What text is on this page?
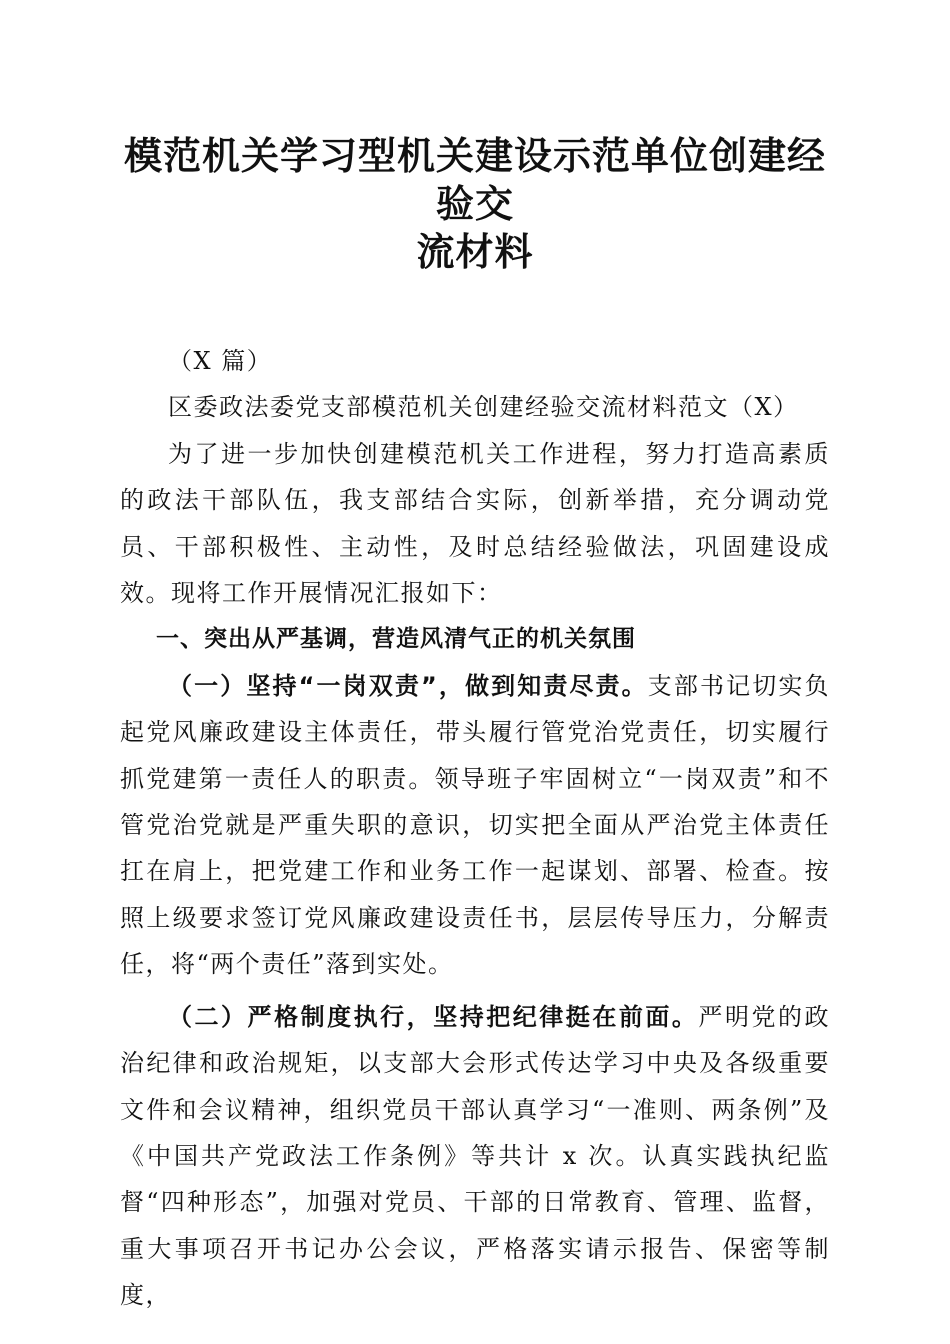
模范机关学习型机关建设示范单位创建经验交
流材料

（X 篇）

区委政法委党支部模范机关创建经验交流材料范文（X）

为了进一步加快创建模范机关工作进程，努力打造高素质的政法干部队伍，我支部结合实际，创新举措，充分调动党员、干部积极性、主动性，及时总结经验做法，巩固建设成效。现将工作开展情况汇报如下：

一、突出从严基调，营造风清气正的机关氛围

（一）坚持“一岗双责”，做到知责尽责。支部书记切实负起党风廉政建设主体责任，带头履行管党治党责任，切实履行抓党建第一责任人的职责。领导班子牢固树立“一岗双责”和不管党治党就是严重失职的意识，切实把全面从严治党主体责任扛在肩上，把党建工作和业务工作一起谋划、部署、检查。按照上级要求签订党风廉政建设责任书，层层传导压力，分解责任，将“两个责任”落到实处。

（二）严格制度执行，坚持把纪律挺在前面。严明党的政治纪律和政治规矩，以支部大会形式传达学习中央及各级重要文件和会议精神，组织党员干部认真学习“一准则、两条例”及《中国共产党政法工作条例》等共计 x 次。认真实践执纪监督“四种形态”，加强对党员、干部的日常教育、管理、监督，重大事项召开书记办公会议，严格落实请示报告、保密等制度，
